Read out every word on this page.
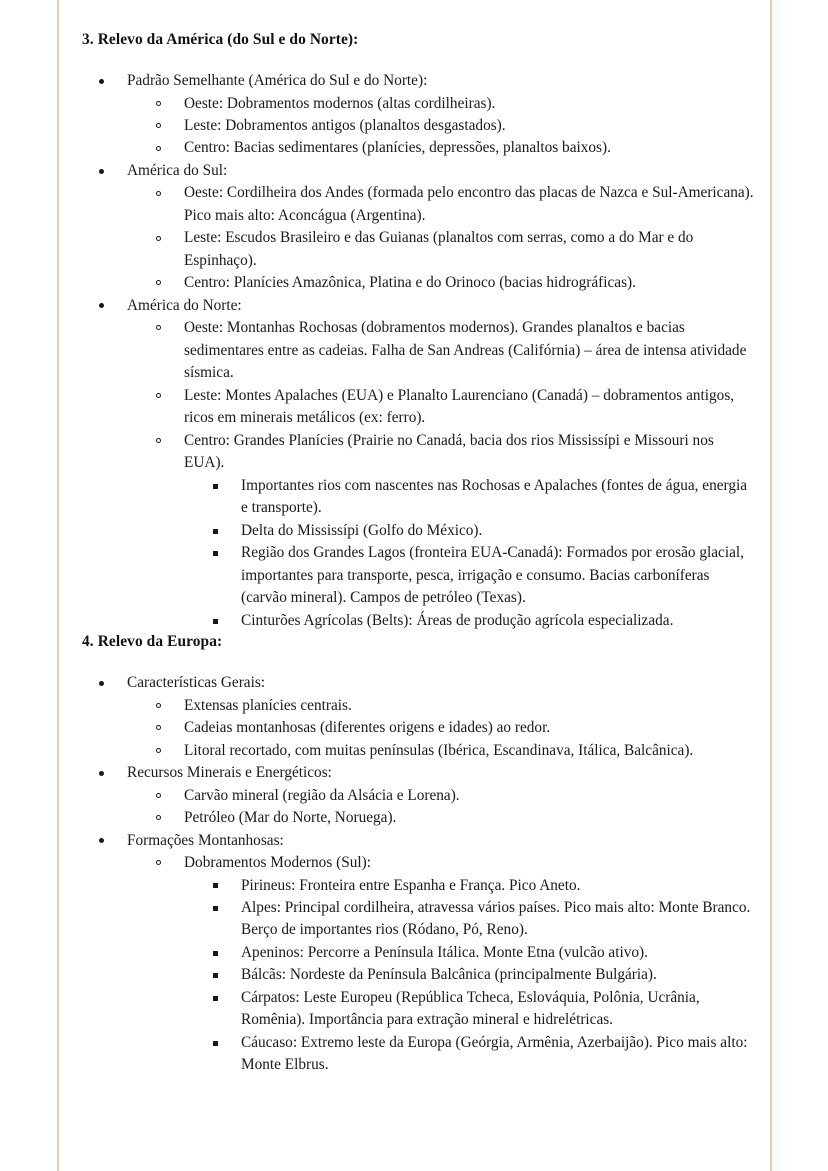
3. Relevo da América (do Sul e do Norte):
Padrão Semelhante (América do Sul e do Norte):
Oeste: Dobramentos modernos (altas cordilheiras).
Leste: Dobramentos antigos (planaltos desgastados).
Centro: Bacias sedimentares (planícies, depressões, planaltos baixos).
América do Sul:
Oeste: Cordilheira dos Andes (formada pelo encontro das placas de Nazca e Sul-Americana). Pico mais alto: Aconcágua (Argentina).
Leste: Escudos Brasileiro e das Guianas (planaltos com serras, como a do Mar e do Espinhaço).
Centro: Planícies Amazônica, Platina e do Orinoco (bacias hidrográficas).
América do Norte:
Oeste: Montanhas Rochosas (dobramentos modernos). Grandes planaltos e bacias sedimentares entre as cadeias. Falha de San Andreas (Califórnia) – área de intensa atividade sísmica.
Leste: Montes Apalaches (EUA) e Planalto Laurenciano (Canadá) – dobramentos antigos, ricos em minerais metálicos (ex: ferro).
Centro: Grandes Planícies (Prairie no Canadá, bacia dos rios Mississípi e Missouri nos EUA).
Importantes rios com nascentes nas Rochosas e Apalaches (fontes de água, energia e transporte).
Delta do Mississípi (Golfo do México).
Região dos Grandes Lagos (fronteira EUA-Canadá): Formados por erosão glacial, importantes para transporte, pesca, irrigação e consumo. Bacias carboníferas (carvão mineral). Campos de petróleo (Texas).
Cinturões Agrícolas (Belts): Áreas de produção agrícola especializada.
4. Relevo da Europa:
Características Gerais:
Extensas planícies centrais.
Cadeias montanhosas (diferentes origens e idades) ao redor.
Litoral recortado, com muitas penínsulas (Ibérica, Escandinava, Itálica, Balcânica).
Recursos Minerais e Energéticos:
Carvão mineral (região da Alsácia e Lorena).
Petróleo (Mar do Norte, Noruega).
Formações Montanhosas:
Dobramentos Modernos (Sul):
Pirineus: Fronteira entre Espanha e França. Pico Aneto.
Alpes: Principal cordilheira, atravessa vários países. Pico mais alto: Monte Branco. Berço de importantes rios (Ródano, Pó, Reno).
Apeninos: Percorre a Península Itálica. Monte Etna (vulcão ativo).
Bálcãs: Nordeste da Península Balcânica (principalmente Bulgária).
Cárpatos: Leste Europeu (República Tcheca, Eslováquia, Polônia, Ucrânia, Romênia). Importância para extração mineral e hidrelétricas.
Cáucaso: Extremo leste da Europa (Geórgia, Armênia, Azerbaijão). Pico mais alto: Monte Elbrus.
